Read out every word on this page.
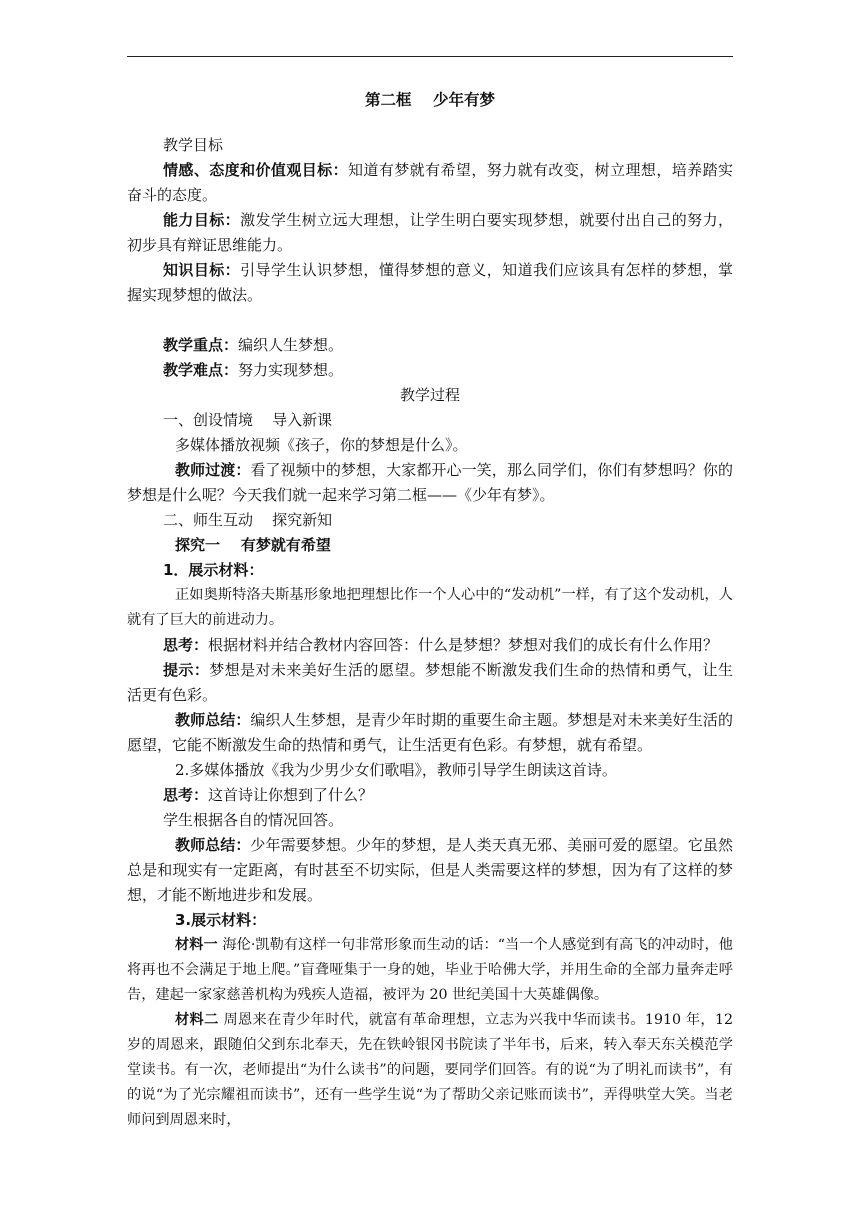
第二框    少年有梦

教学目标

情感、态度和价值观目标：知道有梦就有希望，努力就有改变，树立理想，培养踏实奋斗的态度。

能力目标：激发学生树立远大理想，让学生明白要实现梦想，就要付出自己的努力，初步具有辩证思维能力。

知识目标：引导学生认识梦想，懂得梦想的意义，知道我们应该具有怎样的梦想，掌握实现梦想的做法。

教学重点：编织人生梦想。

教学难点：努力实现梦想。

教学过程

一、创设情境    导入新课

多媒体播放视频《孩子，你的梦想是什么》。

教师过渡：看了视频中的梦想，大家都开心一笑，那么同学们，你们有梦想吗？你的梦想是什么呢？今天我们就一起来学习第二框——《少年有梦》。

二、师生互动    探究新知

探究一    有梦就有希望

1．展示材料：

正如奥斯特洛夫斯基形象地把理想比作一个人心中的“发动机”一样，有了这个发动机，人就有了巨大的前进动力。

思考：根据材料并结合教材内容回答：什么是梦想？梦想对我们的成长有什么作用？

提示：梦想是对未来美好生活的愿望。梦想能不断激发我们生命的热情和勇气，让生活更有色彩。

教师总结：编织人生梦想，是青少年时期的重要生命主题。梦想是对未来美好生活的愿望，它能不断激发生命的热情和勇气，让生活更有色彩。有梦想，就有希望。

2.多媒体播放《我为少男少女们歌唱》，教师引导学生朗读这首诗。

思考：这首诗让你想到了什么？

学生根据各自的情况回答。

教师总结：少年需要梦想。少年的梦想，是人类天真无邪、美丽可爱的愿望。它虽然总是和现实有一定距离，有时甚至不切实际，但是人类需要这样的梦想，因为有了这样的梦想，才能不断地进步和发展。

3.展示材料：

材料一 海伦·凯勒有这样一句非常形象而生动的话：“当一个人感觉到有高飞的冲动时，他将再也不会满足于地上爬。”盲聋哑集于一身的她，毕业于哈佛大学，并用生命的全部力量奔走呼告，建起一家家慈善机构为残疾人造福，被评为 20 世纪美国十大英雄偶像。

材料二 周恩来在青少年时代，就富有革命理想，立志为兴我中华而读书。1910 年，12 岁的周恩来，跟随伯父到东北奉天，先在铁岭银冈书院读了半年书，后来，转入奉天东关模范学堂读书。有一次，老师提出“为什么读书”的问题，要同学们回答。有的说“为了明礼而读书”，有的说“为了光宗耀祖而读书”，还有一些学生说“为了帮助父亲记账而读书”，弄得哄堂大笑。当老师问到周恩来时，
